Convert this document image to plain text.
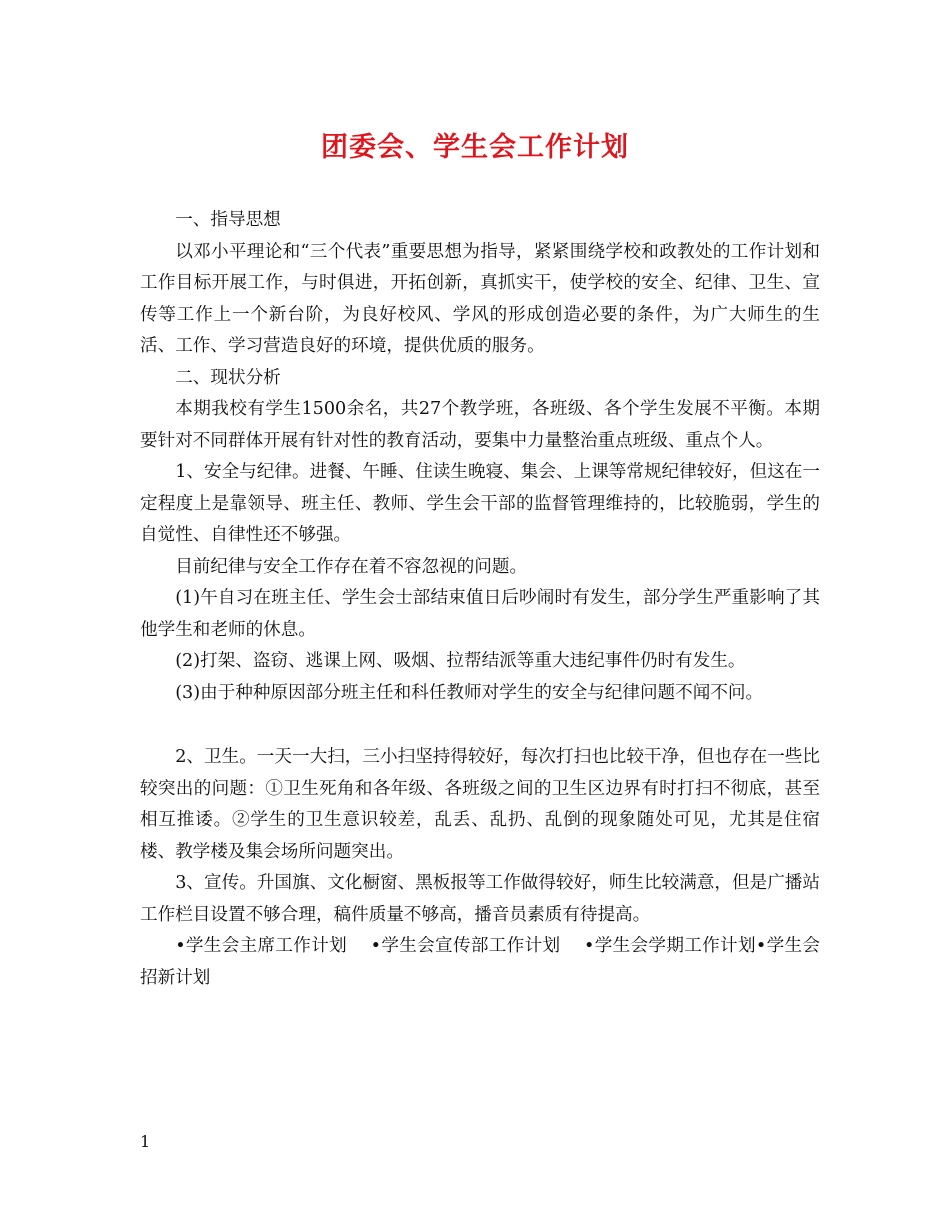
团委会、学生会工作计划

一、指导思想

以邓小平理论和“三个代表”重要思想为指导，紧紧围绕学校和政教处的工作计划和工作目标开展工作，与时俱进，开拓创新，真抓实干，使学校的安全、纪律、卫生、宣传等工作上一个新台阶，为良好校风、学风的形成创造必要的条件，为广大师生的生活、工作、学习营造良好的环境，提供优质的服务。

二、现状分析

本期我校有学生1500余名，共27个教学班，各班级、各个学生发展不平衡。本期要针对不同群体开展有针对性的教育活动，要集中力量整治重点班级、重点个人。

1、安全与纪律。进餐、午睡、住读生晚寝、集会、上课等常规纪律较好，但这在一定程度上是靠领导、班主任、教师、学生会干部的监督管理维持的，比较脆弱，学生的自觉性、自律性还不够强。

目前纪律与安全工作存在着不容忽视的问题。

(1)午自习在班主任、学生会士部结束值日后吵闹时有发生，部分学生严重影响了其他学生和老师的休息。

(2)打架、盗窃、逃课上网、吸烟、拉帮结派等重大违纪事件仍时有发生。

(3)由于种种原因部分班主任和科任教师对学生的安全与纪律问题不闻不问。

2、卫生。一天一大扫，三小扫坚持得较好，每次打扫也比较干净，但也存在一些比较突出的问题：①卫生死角和各年级、各班级之间的卫生区边界有时打扫不彻底，甚至相互推诿。②学生的卫生意识较差，乱丢、乱扔、乱倒的现象随处可见，尤其是住宿楼、教学楼及集会场所问题突出。

3、宣传。升国旗、文化橱窗、黑板报等工作做得较好，师生比较满意，但是广播站工作栏目设置不够合理，稿件质量不够高，播音员素质有待提高。

•学生会主席工作计划 •学生会宣传部工作计划 •学生会学期工作计划•学生会招新计划

1
